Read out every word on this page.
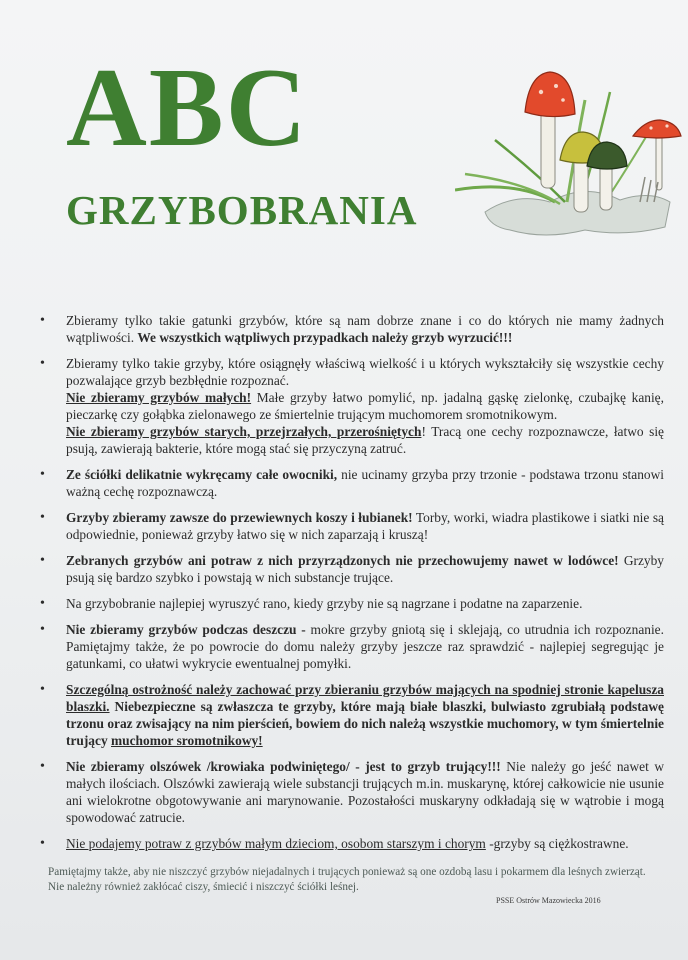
ABC
GRZYBOBRANIA

• Zbieramy tylko takie gatunki grzybów, które są nam dobrze znane i co do których nie mamy żadnych wątpliwości. We wszystkich wątpliwych przypadkach należy grzyb wyrzucić!!!

• Zbieramy tylko takie grzyby, które osiągnęły właściwą wielkość i u których wykształciły się wszystkie cechy pozwalające grzyb bezbłędnie rozpoznać.

Nie zbieramy grzybów małych! Małe grzyby łatwo pomylić, np. jadalną gąskę zielonkę, czubajkę kanię, pieczarkę czy gołąbka zielonawego ze śmiertelnie trującym muchomorem sromotnikowym.

Nie zbieramy grzybów starych, przejrzałych, przerośniętych! Tracą one cechy rozpoznawcze, łatwo się psują, zawierają bakterie, które mogą stać się przyczyną zatruć.

• Ze ściółki delikatnie wykręcamy całe owocniki, nie ucinamy grzyba przy trzonie - podstawa trzonu stanowi ważną cechę rozpoznawczą.

• Grzyby zbieramy zawsze do przewiewnych koszy i łubianek! Torby, worki, wiadra plastikowe i siatki nie są odpowiednie, ponieważ grzyby łatwo się w nich zaparzają i kruszą!

• Zebranych grzybów ani potraw z nich przyrządzonych nie przechowujemy nawet w lodówce! Grzyby psują się bardzo szybko i powstają w nich substancje trujące.

• Na grzybobranie najlepiej wyruszyć rano, kiedy grzyby nie są nagrzane i podatne na zaparzenie.

• Nie zbieramy grzybów podczas deszczu - mokre grzyby gniotą się i sklejają, co utrudnia ich rozpoznanie. Pamiętajmy także, że po powrocie do domu należy grzyby jeszcze raz sprawdzić - najlepiej segregując je gatunkami, co ułatwi wykrycie ewentualnej pomyłki.

• Szczególną ostrożność należy zachować przy zbieraniu grzybów mających na spodniej stronie kapelusza blaszki. Niebezpieczne są zwłaszcza te grzyby, które mają białe blaszki, bulwiasto zgrubiałą podstawę trzonu oraz zwisający na nim pierścień, bowiem do nich należą wszystkie muchomory, w tym śmiertelnie trujący muchomor sromotnikowy!

• Nie zbieramy olszówek /krowiaka podwiniętego/ - jest to grzyb trujący!!! Nie należy go jeść nawet w małych ilościach. Olszówki zawierają wiele substancji trujących m.in. muskarynę, której całkowicie nie usunie ani wielokrotne obgotowywanie ani marynowanie. Pozostałości muskaryny odkładają się w wątrobie i mogą spowodować zatrucie.

• Nie podajemy potraw z grzybów małym dzieciom, osobom starszym i chorym -grzyby są ciężkostrawne.

Pamiętajmy także, aby nie niszczyć grzybów niejadalnych i trujących ponieważ są one ozdobą lasu i pokarmem dla leśnych zwierząt. Nie należny również zakłócać ciszy, śmiecić i niszczyć ściółki leśnej.
PSSE Ostrów Mazowiecka 2016
